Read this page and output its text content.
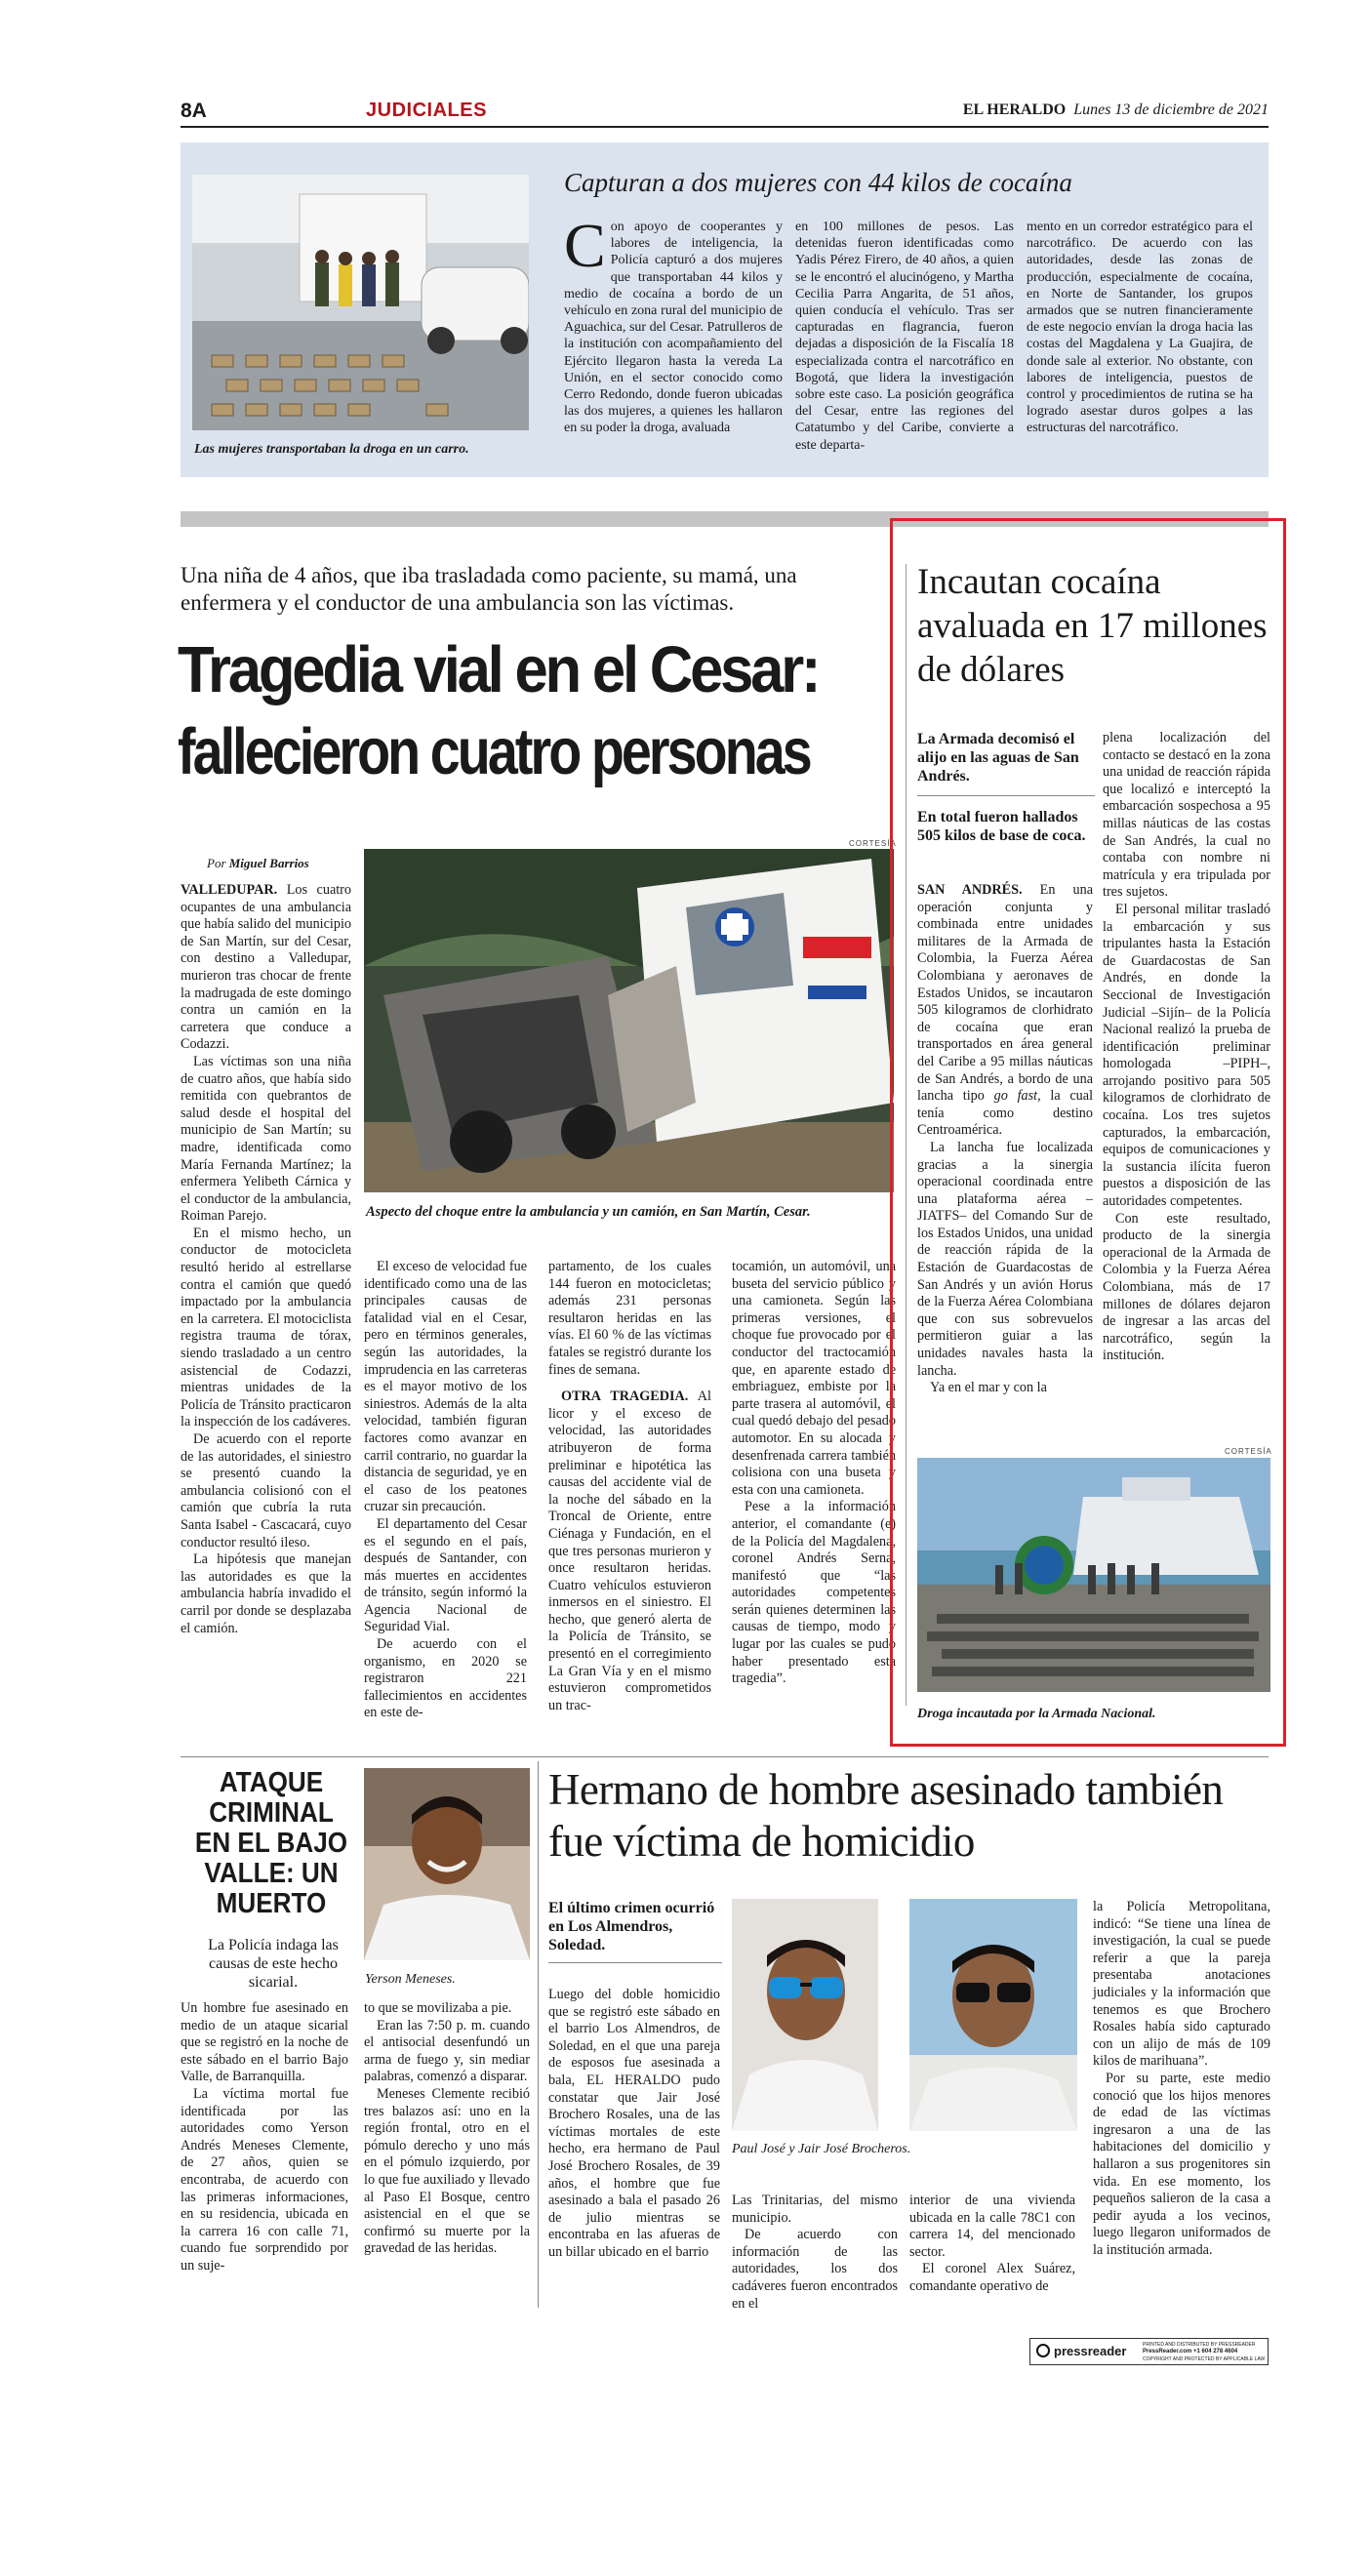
8A	JUDICIALES	EL HERALDO Lunes 13 de diciembre de 2021
Las mujeres transportaban la droga en un carro.
Capturan a dos mujeres con 44 kilos de cocaína

Con apoyo de cooperantes y labores de inteligencia, la Policía capturó a dos mujeres que transportaban 44 kilos y medio de cocaína a bordo de un vehículo en zona rural del municipio de Aguachica, sur del Cesar. Patrulleros de la institución con acompañamiento del Ejército llegaron hasta la vereda La Unión, en el sector conocido como Cerro Redondo, donde fueron ubicadas las dos mujeres, a quienes les hallaron en su poder la droga, avaluada

en 100 millones de pesos. Las detenidas fueron identificadas como Yadis Pérez Firero, de 40 años, a quien se le encontró el alucinógeno, y Martha Cecilia Parra Angarita, de 51 años, quien conducía el vehículo. Tras ser capturadas en flagrancia, fueron dejadas a disposición de la Fiscalía 18 especializada contra el narcotráfico en Bogotá, que lidera la investigación sobre este caso. La posición geográfica del Cesar, entre las regiones del Catatumbo y del Caribe, convierte a este departa-

mento en un corredor estratégico para el narcotráfico. De acuerdo con las autoridades, desde las zonas de producción, especialmente de cocaína, en Norte de Santander, los grupos armados que se nutren financieramente de este negocio envían la droga hacia las costas del Magdalena y La Guajira, de donde sale al exterior. No obstante, con labores de inteligencia, puestos de control y procedimientos de rutina se ha logrado asestar duros golpes a las estructuras del narcotráfico.

Una niña de 4 años, que iba trasladada como paciente, su mamá, una enfermera y el conductor de una ambulancia son las víctimas.
Tragedia vial en el Cesar:
fallecieron cuatro personas
Por Miguel Barrios
CORTESÍA
Aspecto del choque entre la ambulancia y un camión, en San Martín, Cesar.

VALLEDUPAR. Los cuatro ocupantes de una ambulancia que había salido del municipio de San Martín, sur del Cesar, con destino a Valledupar, murieron tras chocar de frente la madrugada de este domingo contra un camión en la carretera que conduce a Codazzi.

Las víctimas son una niña de cuatro años, que había sido remitida con quebrantos de salud desde el hospital del municipio de San Martín; su madre, identificada como María Fernanda Martínez; la enfermera Yelibeth Cárnica y el conductor de la ambulancia, Roiman Parejo.

En el mismo hecho, un conductor de motocicleta resultó herido al estrellarse contra el camión que quedó impactado por la ambulancia en la carretera. El motociclista registra trauma de tórax, siendo trasladado a un centro asistencial de Codazzi, mientras unidades de la Policía de Tránsito practicaron la inspección de los cadáveres.

De acuerdo con el reporte de las autoridades, el siniestro se presentó cuando la ambulancia colisionó con el camión que cubría la ruta Santa Isabel - Cascacará, cuyo conductor resultó ileso.

La hipótesis que manejan las autoridades es que la ambulancia habría invadido el carril por donde se desplazaba el camión.

El exceso de velocidad fue identificado como una de las principales causas de fatalidad vial en el Cesar, pero en términos generales, según las autoridades, la imprudencia en las carreteras es el mayor motivo de los siniestros. Además de la alta velocidad, también figuran factores como avanzar en carril contrario, no guardar la distancia de seguridad, ye en el caso de los peatones cruzar sin precaución.

El departamento del Cesar es el segundo en el país, después de Santander, con más muertes en accidentes de tránsito, según informó la Agencia Nacional de Seguridad Vial.

De acuerdo con el organismo, en 2020 se registraron 221 fallecimientos en accidentes en este de-

partamento, de los cuales 144 fueron en motocicletas; además 231 personas resultaron heridas en las vías. El 60 % de las víctimas fatales se registró durante los fines de semana.

OTRA TRAGEDIA. Al licor y el exceso de velocidad, las autoridades atribuyeron de forma preliminar e hipotética las causas del accidente vial de la noche del sábado en la Troncal de Oriente, entre Ciénaga y Fundación, en el que tres personas murieron y once resultaron heridas. Cuatro vehículos estuvieron inmersos en el siniestro. El hecho, que generó alerta de la Policía de Tránsito, se presentó en el corregimiento La Gran Vía y en el mismo estuvieron comprometidos un trac-

tocamión, un automóvil, una buseta del servicio público y una camioneta. Según las primeras versiones, el choque fue provocado por el conductor del tractocamión que, en aparente estado de embriaguez, embiste por la parte trasera al automóvil, el cual quedó debajo del pesado automotor. En su alocada y desenfrenada carrera también colisiona con una buseta y esta con una camioneta.

Pese a la información anterior, el comandante (e) de la Policía del Magdalena, coronel Andrés Serna, manifestó que “las autoridades competentes serán quienes determinen las causas de tiempo, modo y lugar por las cuales se pudo haber presentado esta tragedia”.

Incautan cocaína avaluada en 17 millones de dólares
La Armada decomisó el alijo en las aguas de San Andrés.
En total fueron hallados 505 kilos de base de coca.

SAN ANDRÉS. En una operación conjunta y combinada entre unidades militares de la Armada de Colombia, la Fuerza Aérea Colombiana y aeronaves de Estados Unidos, se incautaron 505 kilogramos de clorhidrato de cocaína que eran transportados en área general del Caribe a 95 millas náuticas de San Andrés, a bordo de una lancha tipo go fast, la cual tenía como destino Centroamérica.

La lancha fue localizada gracias a la sinergia operacional coordinada entre una plataforma aérea –JIATFS– del Comando Sur de los Estados Unidos, una unidad de reacción rápida de la Estación de Guardacostas de San Andrés y un avión Horus de la Fuerza Aérea Colombiana que con sus sobrevuelos permitieron guiar a las unidades navales hasta la lancha.

Ya en el mar y con la

plena localización del contacto se destacó en la zona una unidad de reacción rápida que localizó e interceptó la embarcación sospechosa a 95 millas náuticas de las costas de San Andrés, la cual no contaba con nombre ni matrícula y era tripulada por tres sujetos.

El personal militar trasladó la embarcación y sus tripulantes hasta la Estación de Guardacostas de San Andrés, en donde la Seccional de Investigación Judicial –Sijín– de la Policía Nacional realizó la prueba de identificación preliminar homologada –PIPH–, arrojando positivo para 505 kilogramos de clorhidrato de cocaína. Los tres sujetos capturados, la embarcación, equipos de comunicaciones y la sustancia ilícita fueron puestos a disposición de las autoridades competentes.

Con este resultado, producto de la sinergia operacional de la Armada de Colombia y la Fuerza Aérea Colombiana, más de 17 millones de dólares dejaron de ingresar a las arcas del narcotráfico, según la institución.

CORTESÍA
Droga incautada por la Armada Nacional.
ATAQUE CRIMINAL EN EL BAJO VALLE: UN MUERTO
La Policía indaga las causas de este hecho sicarial.	Yerson Meneses.

Un hombre fue asesinado en medio de un ataque sicarial que se registró en la noche de este sábado en el barrio Bajo Valle, de Barranquilla.

La víctima mortal fue identificada por las autoridades como Yerson Andrés Meneses Clemente, de 27 años, quien se encontraba, de acuerdo con las primeras informaciones, en su residencia, ubicada en la carrera 16 con calle 71, cuando fue sorprendido por un suje-

to que se movilizaba a pie.

Eran las 7:50 p. m. cuando el antisocial desenfundó un arma de fuego y, sin mediar palabras, comenzó a disparar.

Meneses Clemente recibió tres balazos así: uno en la región frontal, otro en el pómulo derecho y uno más en el pómulo izquierdo, por lo que fue auxiliado y llevado al Paso El Bosque, centro asistencial en el que se confirmó su muerte por la gravedad de las heridas.

Hermano de hombre asesinado también fue víctima de homicidio
El último crimen ocurrió en Los Almendros, Soledad.
Paul José y Jair José Brocheros.

Luego del doble homicidio que se registró este sábado en el barrio Los Almendros, de Soledad, en el que una pareja de esposos fue asesinada a bala, EL HERALDO pudo constatar que Jair José Brochero Rosales, una de las víctimas mortales de este hecho, era hermano de Paul José Brochero Rosales, de 39 años, el hombre que fue asesinado a bala el pasado 26 de julio mientras se encontraba en las afueras de un billar ubicado en el barrio

Las Trinitarias, del mismo municipio.

De acuerdo con información de las autoridades, los dos cadáveres fueron encontrados en el

interior de una vivienda ubicada en la calle 78C1 con carrera 14, del mencionado sector.

El coronel Alex Suárez, comandante operativo de

la Policía Metropolitana, indicó: “Se tiene una línea de investigación, la cual se puede referir a que la pareja presentaba anotaciones judiciales y la información que tenemos es que Brochero Rosales había sido capturado con un alijo de más de 109 kilos de marihuana”.

Por su parte, este medio conoció que los hijos menores de edad de las víctimas ingresaron a una de las habitaciones del domicilio y hallaron a sus progenitores sin vida. En ese momento, los pequeños salieron de la casa a pedir ayuda a los vecinos, luego llegaron uniformados de la institución armada.

pressreader	PRINTED AND DISTRIBUTED BY PRESSREADER
PressReader.com +1 604 278 4604
COPYRIGHT AND PROTECTED BY APPLICABLE LAW
